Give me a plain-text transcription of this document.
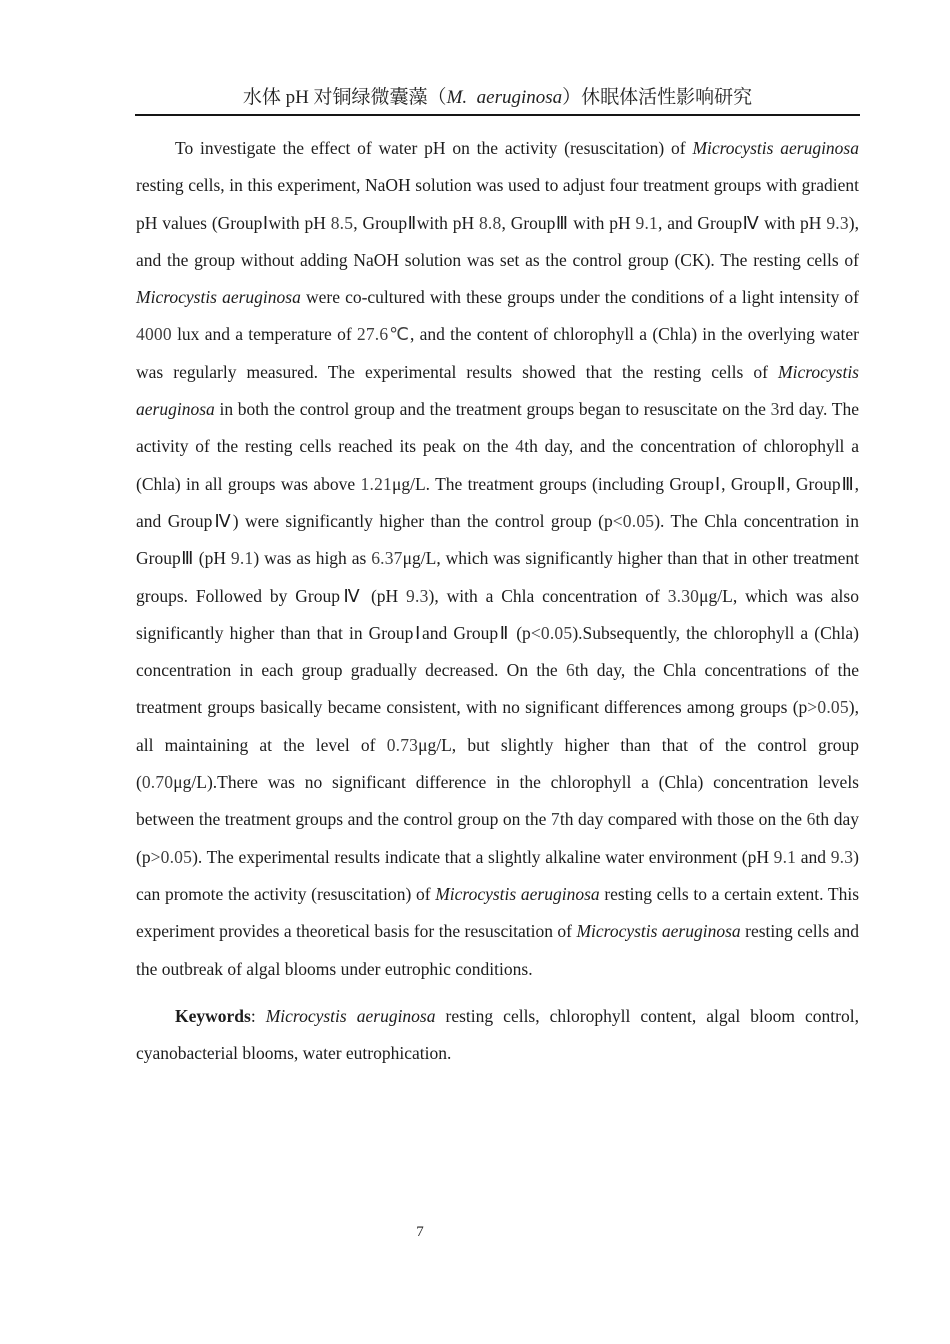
水体 pH 对铜绿微囊藻（M.  aeruginosa）休眠体活性影响研究

To investigate the effect of water pH on the activity (resuscitation) of Microcystis aeruginosa resting cells, in this experiment, NaOH solution was used to adjust four treatment groups with gradient pH values (GroupⅠwith pH 8.5, GroupⅡwith pH 8.8, GroupⅢ with pH 9.1, and GroupⅣ with pH 9.3), and the group without adding NaOH solution was set as the control group (CK). The resting cells of Microcystis aeruginosa were co-cultured with these groups under the conditions of a light intensity of 4000 lux and a temperature of 27.6℃, and the content of chlorophyll a (Chla) in the overlying water was regularly measured. The experimental results showed that the resting cells of Microcystis aeruginosa in both the control group and the treatment groups began to resuscitate on the 3rd day. The activity of the resting cells reached its peak on the 4th day, and the concentration of chlorophyll a (Chla) in all groups was above 1.21μg/L. The treatment groups (including GroupⅠ, GroupⅡ, GroupⅢ, and GroupⅣ) were significantly higher than the control group (p<0.05). The Chla concentration in GroupⅢ (pH 9.1) was as high as 6.37μg/L, which was significantly higher than that in other treatment groups. Followed by GroupⅣ (pH 9.3), with a Chla concentration of 3.30μg/L, which was also significantly higher than that in GroupⅠand GroupⅡ (p<0.05).Subsequently, the chlorophyll a (Chla) concentration in each group gradually decreased. On the 6th day, the Chla concentrations of the treatment groups basically became consistent, with no significant differences among groups (p>0.05), all maintaining at the level of 0.73μg/L, but slightly higher than that of the control group (0.70μg/L).There was no significant difference in the chlorophyll a (Chla) concentration levels between the treatment groups and the control group on the 7th day compared with those on the 6th day (p>0.05). The experimental results indicate that a slightly alkaline water environment (pH 9.1 and 9.3) can promote the activity (resuscitation) of Microcystis aeruginosa resting cells to a certain extent. This experiment provides a theoretical basis for the resuscitation of Microcystis aeruginosa resting cells and the outbreak of algal blooms under eutrophic conditions.

Keywords: Microcystis aeruginosa resting cells, chlorophyll content, algal bloom control, cyanobacterial blooms, water eutrophication.

7
